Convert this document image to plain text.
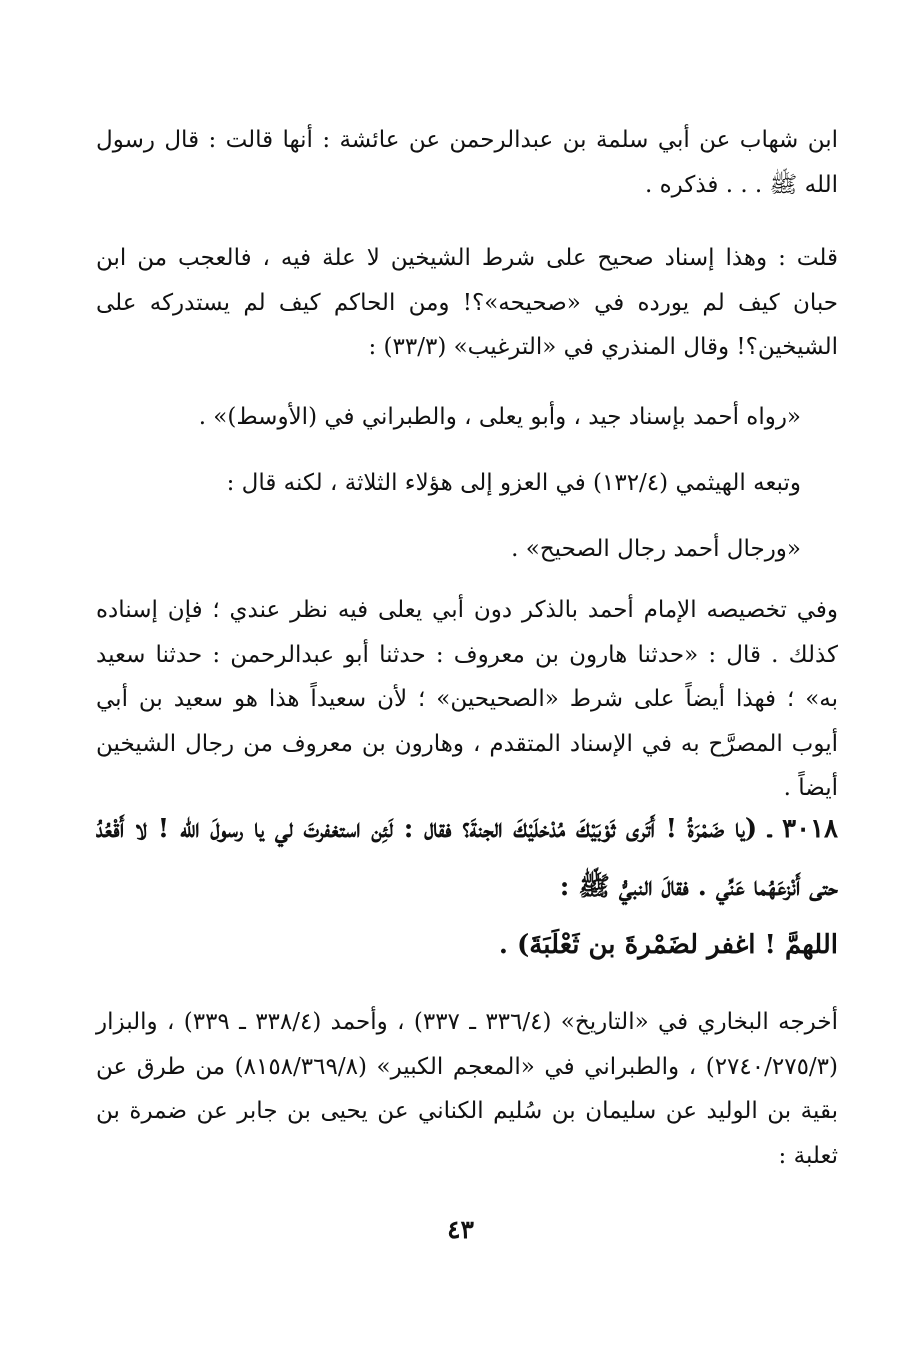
ابن شهاب عن أبي سلمة بن عبدالرحمن عن عائشة : أنها قالت : قال رسول الله ﷺ . . . فذكره .
قلت : وهذا إسناد صحيح على شرط الشيخين لا علة فيه ، فالعجب من ابن حبان كيف لم يورده في «صحيحه»؟! ومن الحاكم كيف لم يستدركه على الشيخين؟! وقال المنذري في «الترغيب» (٣٣/٣) :
«رواه أحمد بإسناد جيد ، وأبو يعلى ، والطبراني في (الأوسط)» .
وتبعه الهيثمي (١٣٢/٤) في العزو إلى هؤلاء الثلاثة ، لكنه قال :
«ورجال أحمد رجال الصحيح» .
وفي تخصيصه الإمام أحمد بالذكر دون أبي يعلى فيه نظر عندي ؛ فإن إسناده كذلك . قال : «حدثنا هارون بن معروف : حدثنا أبو عبدالرحمن : حدثنا سعيد به» ؛ فهذا أيضاً على شرط «الصحيحين» ؛ لأن سعيداً هذا هو سعيد بن أبي أيوب المصرَّح به في الإسناد المتقدم ، وهارون بن معروف من رجال الشيخين أيضاً .
٣٠١٨ ـ (يا ضَمْرَةُ ! أَتَرى ثَوْبَيْكَ مُدْخلَيْكَ الجنةَ؟ فقال : لَئِن استغفرتَ لي يا رسولَ الله ! لا أَقْعُدُ حتى أَنْزعَهُما عَنِّي . فقالَ النبيُّ ﷺ :
اللهمَّ ! اغفر لضَمْرةَ بن ثَعْلَبَةَ) .
أخرجه البخاري في «التاريخ» (٣٣٦/٤ ـ ٣٣٧) ، وأحمد (٣٣٨/٤ ـ ٣٣٩) ، والبزار (٢٧٤٠/٢٧٥/٣) ، والطبراني في «المعجم الكبير» (٨١٥٨/٣٦٩/٨) من طرق عن بقية بن الوليد عن سليمان بن سُليم الكناني عن يحيى بن جابر عن ضمرة بن ثعلبة :
٤٣
